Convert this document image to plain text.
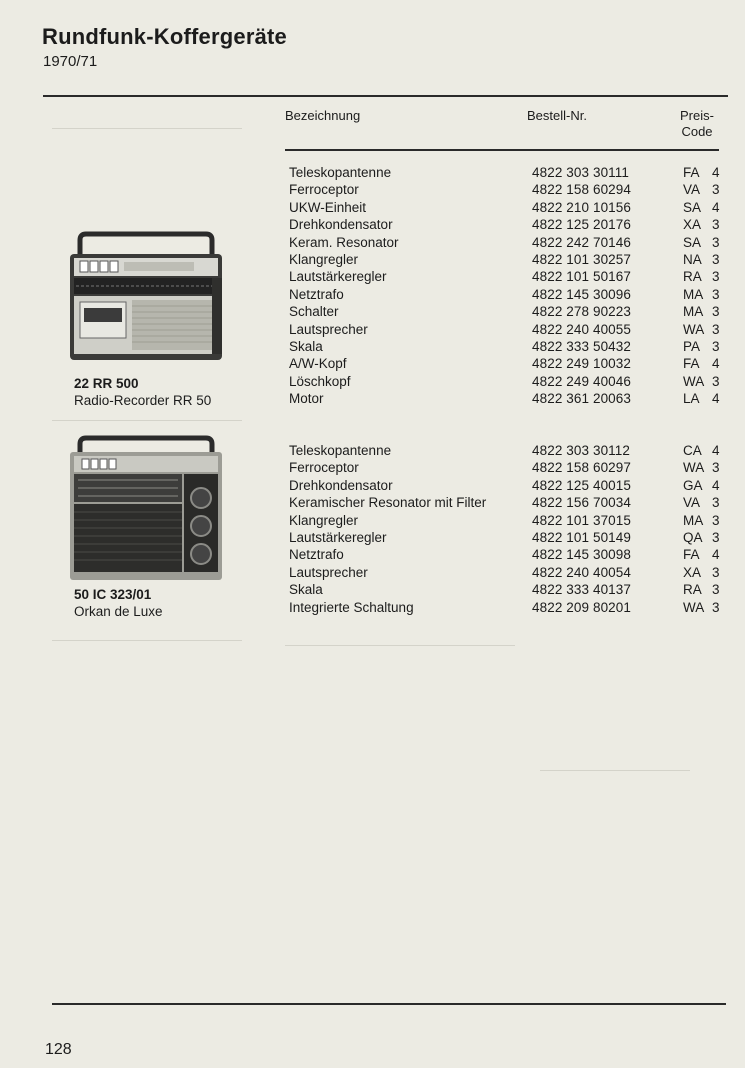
Rundfunk-Koffergeräte
1970/71
Bezeichnung	Bestell-Nr.	Preis-
Code
22 RR 500
Radio-Recorder RR 50
Teleskopantenne	4822 303 30111	FA 4
Ferroceptor	4822 158 60294	VA 3
UKW-Einheit	4822 210 10156	SA 4
Drehkondensator	4822 125 20176	XA 3
Keram. Resonator	4822 242 70146	SA 3
Klangregler	4822 101 30257	NA 3
Lautstärkeregler	4822 101 50167	RA 3
Netztrafo	4822 145 30096	MA 3
Schalter	4822 278 90223	MA 3
Lautsprecher	4822 240 40055	WA 3
Skala	4822 333 50432	PA 3
A/W-Kopf	4822 249 10032	FA 4
Löschkopf	4822 249 40046	WA 3
Motor	4822 361 20063	LA 4
50 IC 323/01
Orkan de Luxe
Teleskopantenne	4822 303 30112	CA 4
Ferroceptor	4822 158 60297	WA 3
Drehkondensator	4822 125 40015	GA 4
Keramischer Resonator mit Filter	4822 156 70034	VA 3
Klangregler	4822 101 37015	MA 3
Lautstärkeregler	4822 101 50149	QA 3
Netztrafo	4822 145 30098	FA 4
Lautsprecher	4822 240 40054	XA 3
Skala	4822 333 40137	RA 3
Integrierte Schaltung	4822 209 80201	WA 3
128
